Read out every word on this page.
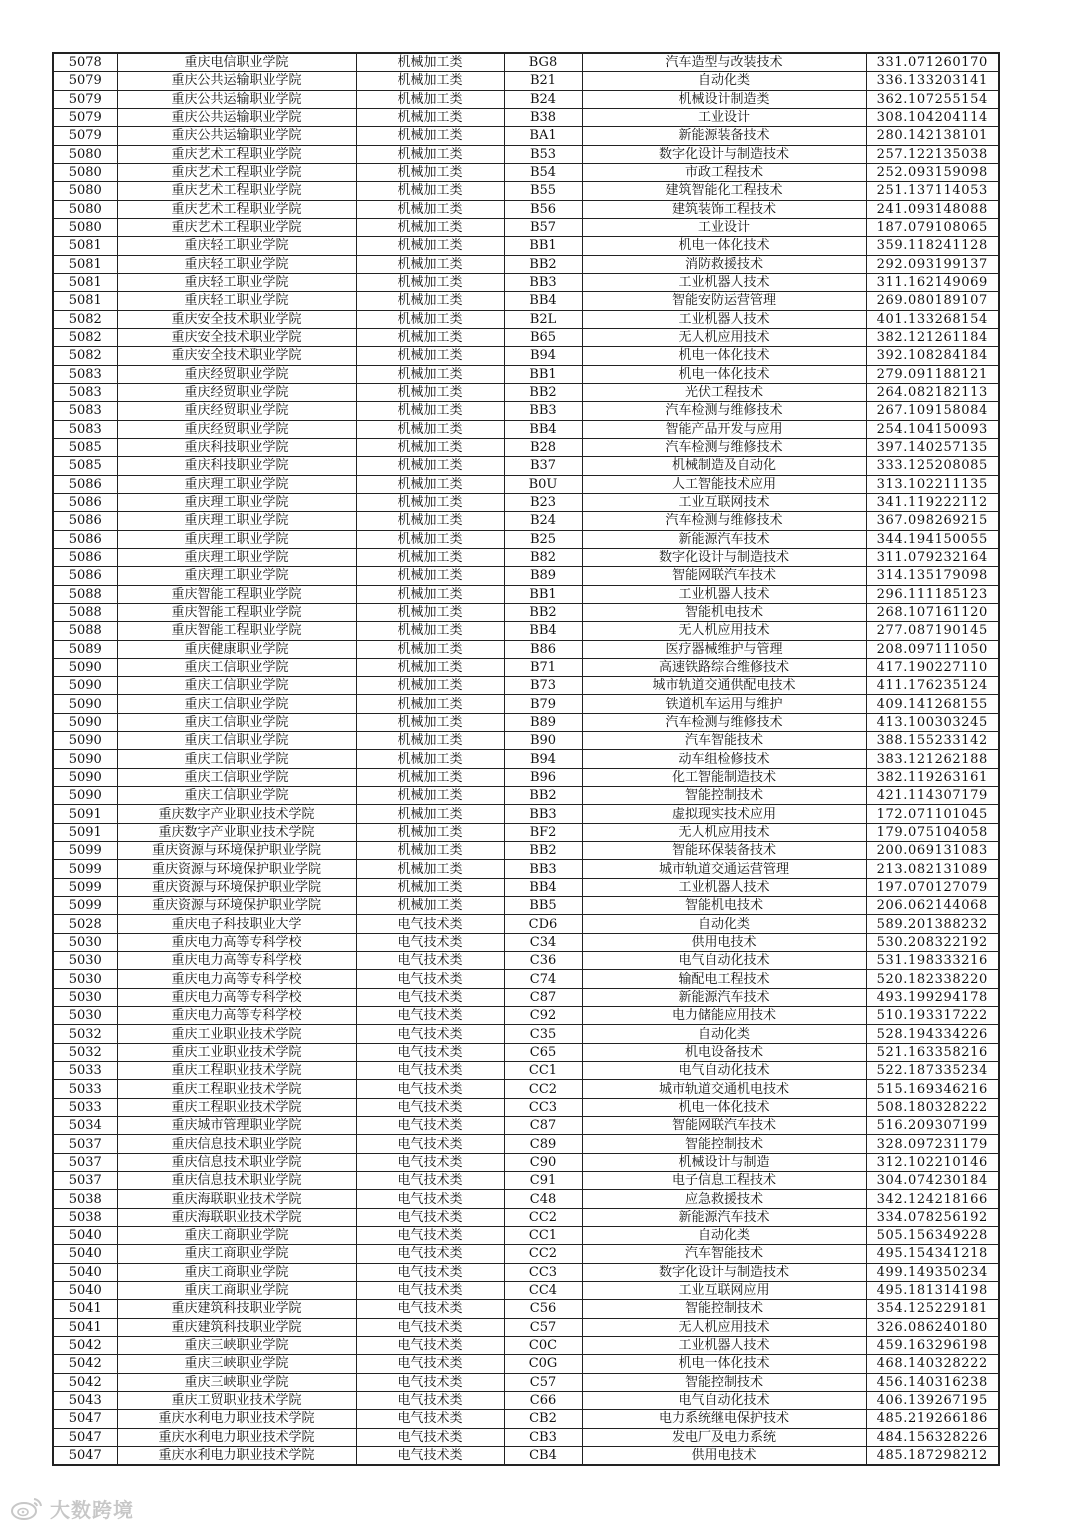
5078	重庆电信职业学院	机械加工类	BG8	汽车造型与改装技术	331.071260170
5079	重庆公共运输职业学院	机械加工类	B21	自动化类	336.133203141
5079	重庆公共运输职业学院	机械加工类	B24	机械设计制造类	362.107255154
5079	重庆公共运输职业学院	机械加工类	B38	工业设计	308.104204114
5079	重庆公共运输职业学院	机械加工类	BA1	新能源装备技术	280.142138101
5080	重庆艺术工程职业学院	机械加工类	B53	数字化设计与制造技术	257.122135038
5080	重庆艺术工程职业学院	机械加工类	B54	市政工程技术	252.093159098
5080	重庆艺术工程职业学院	机械加工类	B55	建筑智能化工程技术	251.137114053
5080	重庆艺术工程职业学院	机械加工类	B56	建筑装饰工程技术	241.093148088
5080	重庆艺术工程职业学院	机械加工类	B57	工业设计	187.079108065
5081	重庆轻工职业学院	机械加工类	BB1	机电一体化技术	359.118241128
5081	重庆轻工职业学院	机械加工类	BB2	消防救援技术	292.093199137
5081	重庆轻工职业学院	机械加工类	BB3	工业机器人技术	311.162149069
5081	重庆轻工职业学院	机械加工类	BB4	智能安防运营管理	269.080189107
5082	重庆安全技术职业学院	机械加工类	B2L	工业机器人技术	401.133268154
5082	重庆安全技术职业学院	机械加工类	B65	无人机应用技术	382.121261184
5082	重庆安全技术职业学院	机械加工类	B94	机电一体化技术	392.108284184
5083	重庆经贸职业学院	机械加工类	BB1	机电一体化技术	279.091188121
5083	重庆经贸职业学院	机械加工类	BB2	光伏工程技术	264.082182113
5083	重庆经贸职业学院	机械加工类	BB3	汽车检测与维修技术	267.109158084
5083	重庆经贸职业学院	机械加工类	BB4	智能产品开发与应用	254.104150093
5085	重庆科技职业学院	机械加工类	B28	汽车检测与维修技术	397.140257135
5085	重庆科技职业学院	机械加工类	B37	机械制造及自动化	333.125208085
5086	重庆理工职业学院	机械加工类	B0U	人工智能技术应用	313.102211135
5086	重庆理工职业学院	机械加工类	B23	工业互联网技术	341.119222112
5086	重庆理工职业学院	机械加工类	B24	汽车检测与维修技术	367.098269215
5086	重庆理工职业学院	机械加工类	B25	新能源汽车技术	344.194150055
5086	重庆理工职业学院	机械加工类	B82	数字化设计与制造技术	311.079232164
5086	重庆理工职业学院	机械加工类	B89	智能网联汽车技术	314.135179098
5088	重庆智能工程职业学院	机械加工类	BB1	工业机器人技术	296.111185123
5088	重庆智能工程职业学院	机械加工类	BB2	智能机电技术	268.107161120
5088	重庆智能工程职业学院	机械加工类	BB4	无人机应用技术	277.087190145
5089	重庆健康职业学院	机械加工类	B86	医疗器械维护与管理	208.097111050
5090	重庆工信职业学院	机械加工类	B71	高速铁路综合维修技术	417.190227110
5090	重庆工信职业学院	机械加工类	B73	城市轨道交通供配电技术	411.176235124
5090	重庆工信职业学院	机械加工类	B79	铁道机车运用与维护	409.141268155
5090	重庆工信职业学院	机械加工类	B89	汽车检测与维修技术	413.100303245
5090	重庆工信职业学院	机械加工类	B90	汽车智能技术	388.155233142
5090	重庆工信职业学院	机械加工类	B94	动车组检修技术	383.121262188
5090	重庆工信职业学院	机械加工类	B96	化工智能制造技术	382.119263161
5090	重庆工信职业学院	机械加工类	BB2	智能控制技术	421.114307179
5091	重庆数字产业职业技术学院	机械加工类	BB3	虚拟现实技术应用	172.071101045
5091	重庆数字产业职业技术学院	机械加工类	BF2	无人机应用技术	179.075104058
5099	重庆资源与环境保护职业学院	机械加工类	BB2	智能环保装备技术	200.069131083
5099	重庆资源与环境保护职业学院	机械加工类	BB3	城市轨道交通运营管理	213.082131089
5099	重庆资源与环境保护职业学院	机械加工类	BB4	工业机器人技术	197.070127079
5099	重庆资源与环境保护职业学院	机械加工类	BB5	智能机电技术	206.062144068
5028	重庆电子科技职业大学	电气技术类	CD6	自动化类	589.201388232
5030	重庆电力高等专科学校	电气技术类	C34	供用电技术	530.208322192
5030	重庆电力高等专科学校	电气技术类	C36	电气自动化技术	531.198333216
5030	重庆电力高等专科学校	电气技术类	C74	输配电工程技术	520.182338220
5030	重庆电力高等专科学校	电气技术类	C87	新能源汽车技术	493.199294178
5030	重庆电力高等专科学校	电气技术类	C92	电力储能应用技术	510.193317222
5032	重庆工业职业技术学院	电气技术类	C35	自动化类	528.194334226
5032	重庆工业职业技术学院	电气技术类	C65	机电设备技术	521.163358216
5033	重庆工程职业技术学院	电气技术类	CC1	电气自动化技术	522.187335234
5033	重庆工程职业技术学院	电气技术类	CC2	城市轨道交通机电技术	515.169346216
5033	重庆工程职业技术学院	电气技术类	CC3	机电一体化技术	508.180328222
5034	重庆城市管理职业学院	电气技术类	C87	智能网联汽车技术	516.209307199
5037	重庆信息技术职业学院	电气技术类	C89	智能控制技术	328.097231179
5037	重庆信息技术职业学院	电气技术类	C90	机械设计与制造	312.102210146
5037	重庆信息技术职业学院	电气技术类	C91	电子信息工程技术	304.074230184
5038	重庆海联职业技术学院	电气技术类	C48	应急救援技术	342.124218166
5038	重庆海联职业技术学院	电气技术类	CC2	新能源汽车技术	334.078256192
5040	重庆工商职业学院	电气技术类	CC1	自动化类	505.156349228
5040	重庆工商职业学院	电气技术类	CC2	汽车智能技术	495.154341218
5040	重庆工商职业学院	电气技术类	CC3	数字化设计与制造技术	499.149350234
5040	重庆工商职业学院	电气技术类	CC4	工业互联网应用	495.181314198
5041	重庆建筑科技职业学院	电气技术类	C56	智能控制技术	354.125229181
5041	重庆建筑科技职业学院	电气技术类	C57	无人机应用技术	326.086240180
5042	重庆三峡职业学院	电气技术类	C0C	工业机器人技术	459.163296198
5042	重庆三峡职业学院	电气技术类	C0G	机电一体化技术	468.140328222
5042	重庆三峡职业学院	电气技术类	C57	智能控制技术	456.140316238
5043	重庆工贸职业技术学院	电气技术类	C66	电气自动化技术	406.139267195
5047	重庆水利电力职业技术学院	电气技术类	CB2	电力系统继电保护技术	485.219266186
5047	重庆水利电力职业技术学院	电气技术类	CB3	发电厂及电力系统	484.156328226
5047	重庆水利电力职业技术学院	电气技术类	CB4	供用电技术	485.187298212
大数跨境
